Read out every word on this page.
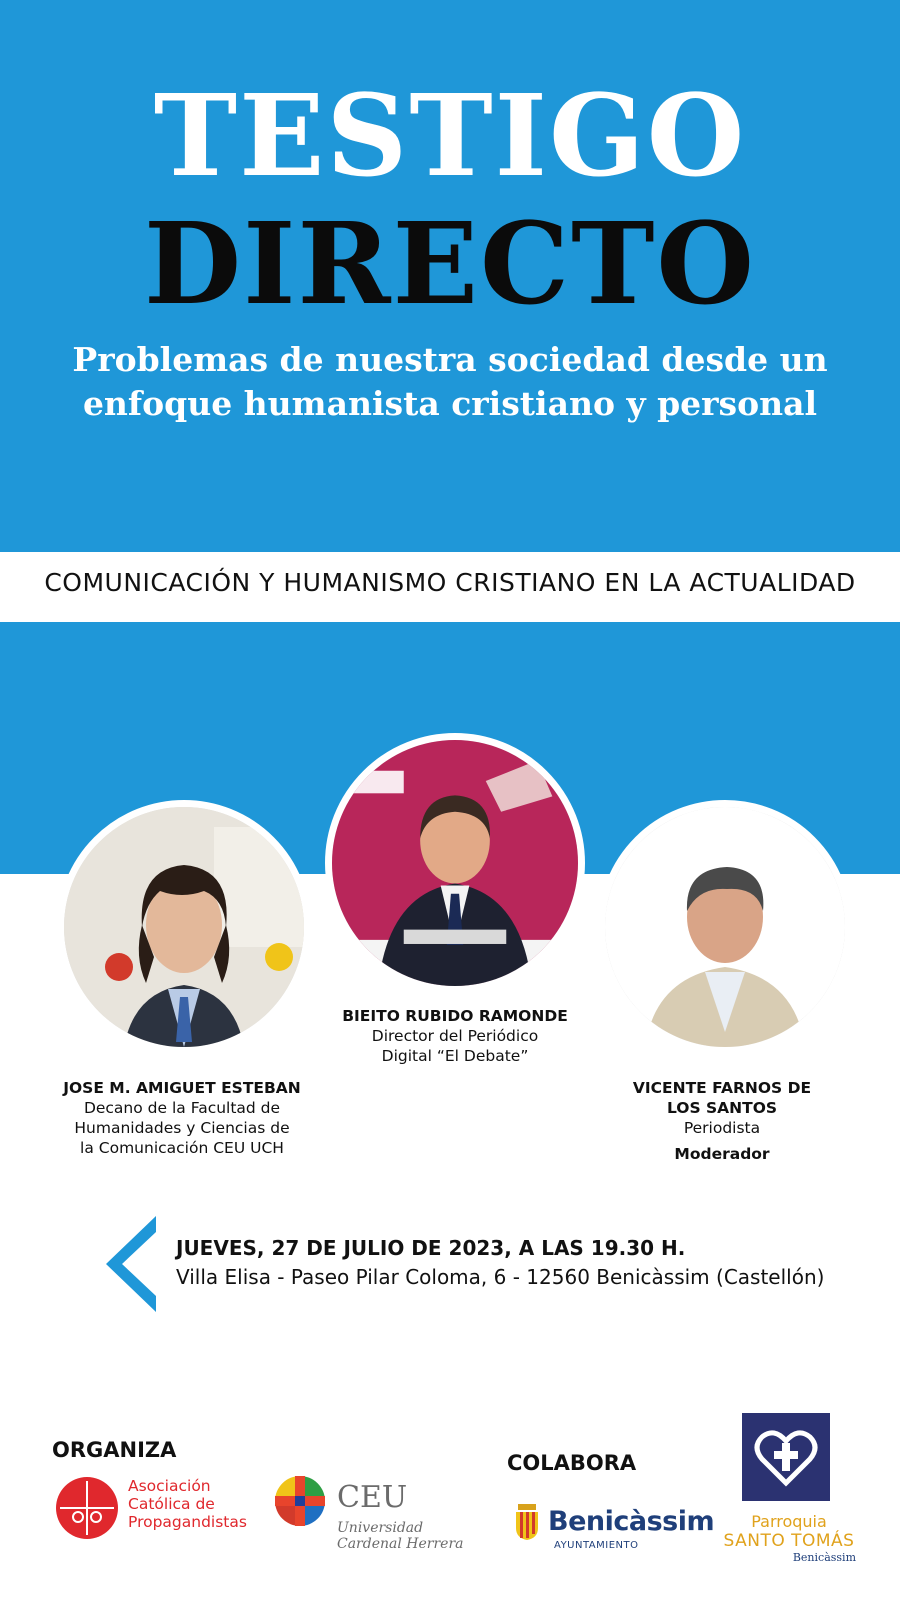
TESTIGO
DIRECTO
Problemas de nuestra sociedad desde un
enfoque humanista cristiano y personal
COMUNICACIÓN Y HUMANISMO CRISTIANO EN LA ACTUALIDAD
JOSE M. AMIGUET ESTEBAN
Decano de la Facultad de
Humanidades y Ciencias de
la Comunicación CEU UCH
BIEITO RUBIDO RAMONDE
Director del Periódico
Digital “El Debate”
VICENTE FARNOS DE
LOS SANTOS
Periodista
Moderador
JUEVES, 27 DE JULIO DE 2023, A LAS 19.30 H.
Villa Elisa - Paseo Pilar Coloma, 6 - 12560 Benicàssim (Castellón)
ORGANIZA
Asociación
Católica de
Propagandistas
CEU
Universidad
Cardenal Herrera
COLABORA
Benicàssim
AYUNTAMIENTO
Parroquia
SANTO TOMÁS
Benicàssim
